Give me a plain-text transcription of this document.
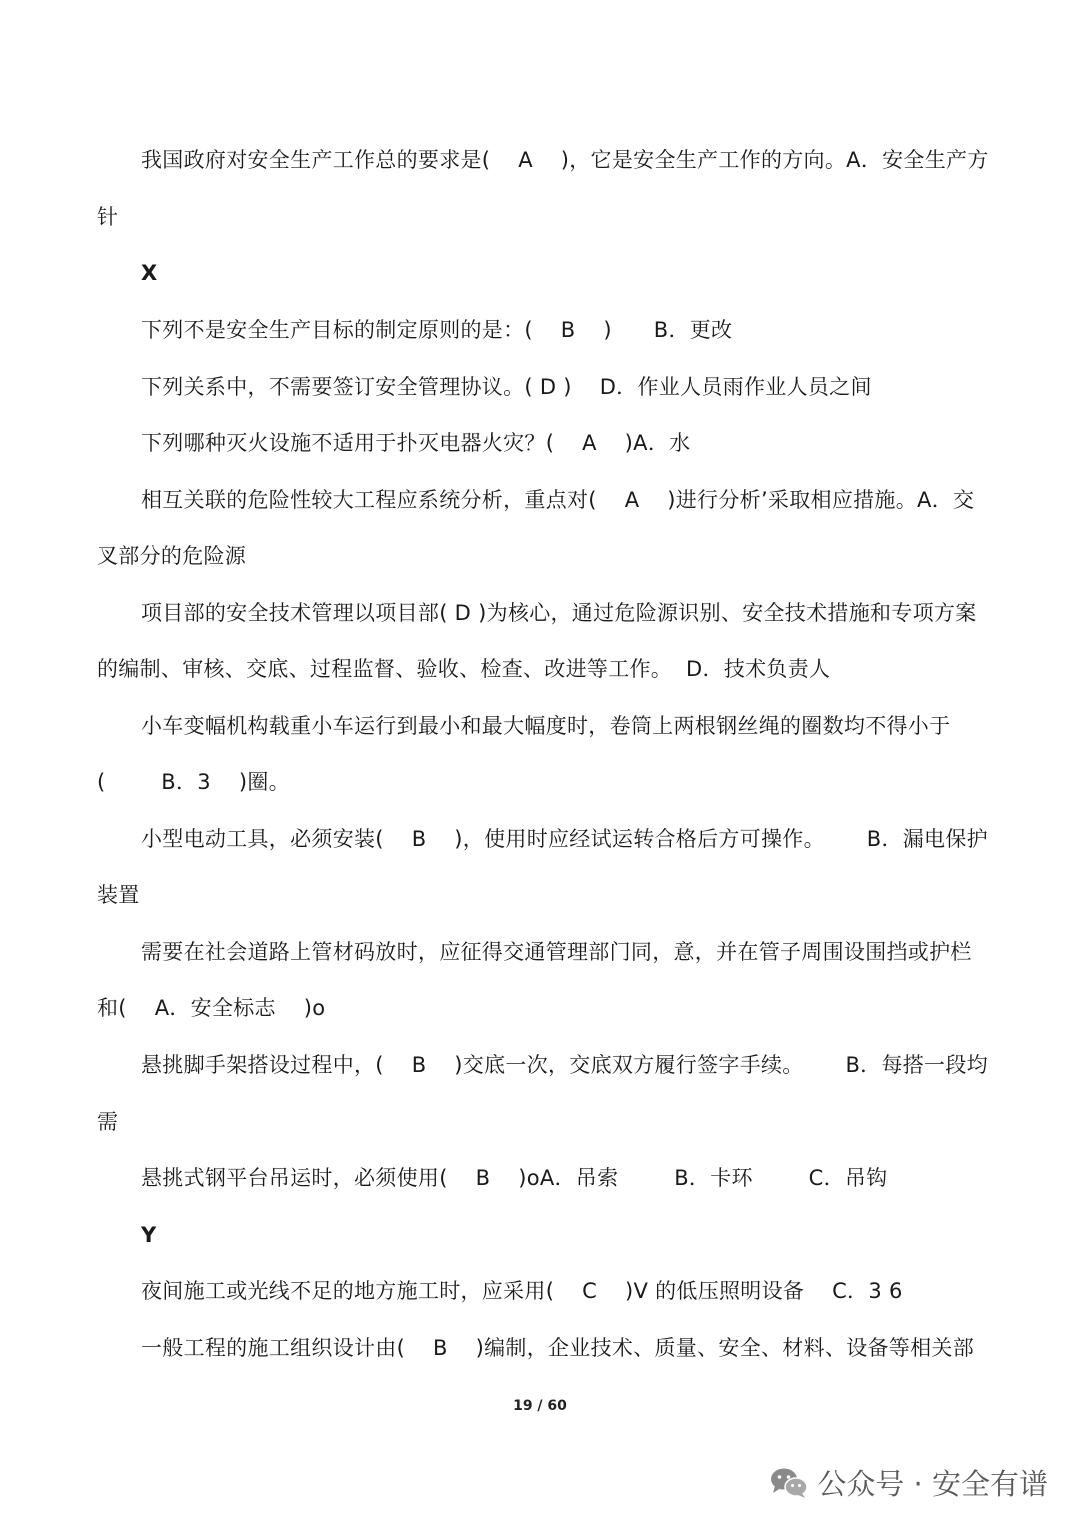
我国政府对安全生产工作总的要求是(    A    )，它是安全生产工作的方向。A．安全生产方
针
X
下列不是安全生产目标的制定原则的是：(    B    )      B．更改
下列关系中，不需要签订安全管理协议。( D )    D．作业人员雨作业人员之间
下列哪种灭火设施不适用于扑灭电器火灾？(    A    )A．水
相互关联的危险性较大工程应系统分析，重点对(    A    )进行分析’采取相应措施。A．交
叉部分的危险源
项目部的安全技术管理以项目部( D )为核心，通过危险源识别、安全技术措施和专项方案
的编制、审核、交底、过程监督、验收、检查、改进等工作。  D．技术负责人
小车变幅机构载重小车运行到最小和最大幅度时，卷筒上两根钢丝绳的圈数均不得小于
(        B．3    )圈。
小型电动工具，必须安装(    B    )，使用时应经试运转合格后方可操作。      B．漏电保护
装置
需要在社会道路上管材码放时，应征得交通管理部门同，意，并在管子周围设围挡或护栏
和(    A．安全标志    )o
悬挑脚手架搭设过程中，(    B    )交底一次，交底双方履行签字手续。      B．每搭一段均
需
悬挑式钢平台吊运时，必须使用(    B    )oA．吊索        B．卡环        C．吊钩
Y
夜间施工或光线不足的地方施工时，应采用(    C    )V 的低压照明设备    C．3 6
一般工程的施工组织设计由(    B    )编制，企业技术、质量、安全、材料、设备等相关部
19 / 60
公众号 · 安全有谱
